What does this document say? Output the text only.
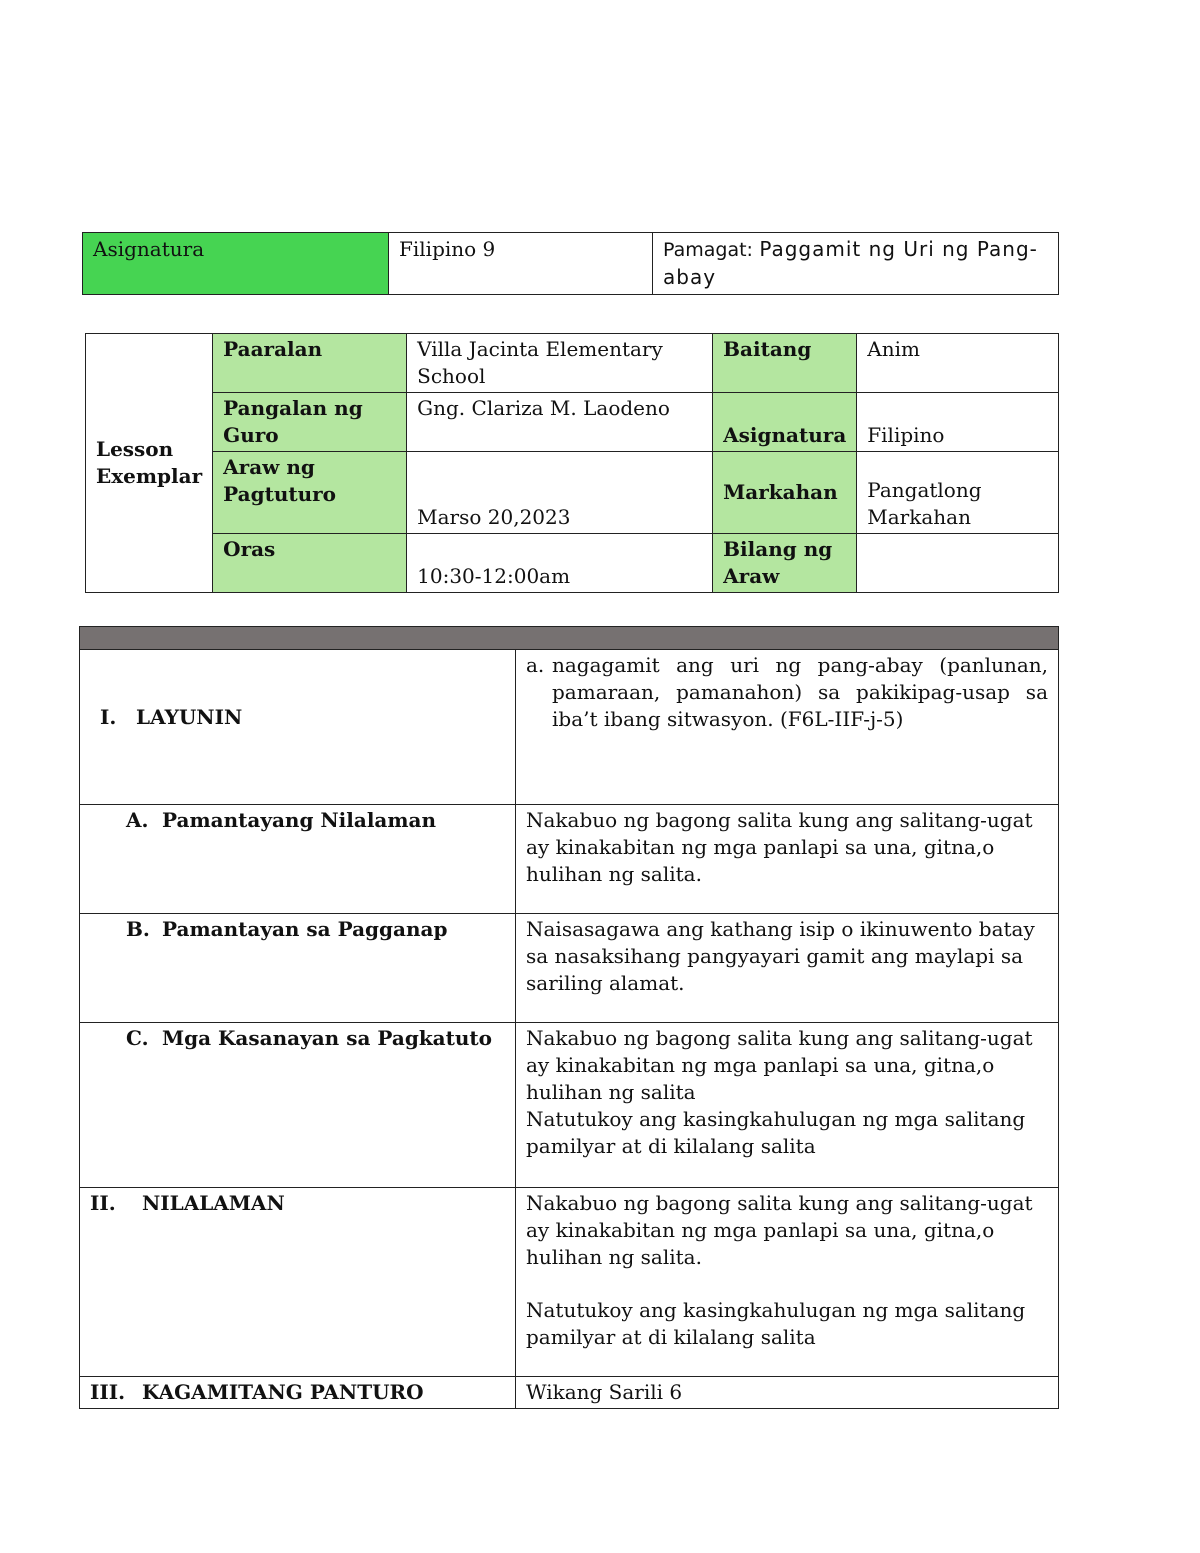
Asignatura	Filipino 9	Pamagat: Paggamit ng Uri ng Pang-abay
Lesson Exemplar	Paaralan	Villa Jacinta Elementary School	Baitang	Anim
	Pangalan ng Guro	Gng. Clariza M. Laodeno	Asignatura	Filipino
	Araw ng Pagtuturo	Marso 20,2023	Markahan	Pangatlong Markahan
	Oras	10:30-12:00am	Bilang ng Araw	

I. LAYUNIN	a. nagagamit ang uri ng pang-abay (panlunan, pamaraan, pamanahon) sa pakikipag-usap sa iba’t ibang sitwasyon. (F6L-IIF-j-5)

A. Pamantayang Nilalaman	Nakabuo ng bagong salita kung ang salitang-ugat ay kinakabitan ng mga panlapi sa una, gitna,o hulihan ng salita.
B. Pamantayan sa Pagganap	Naisasagawa ang kathang isip o ikinuwento batay sa nasaksihang pangyayari gamit ang maylapi sa sariling alamat.
C. Mga Kasanayan sa Pagkatuto	Nakabuo ng bagong salita kung ang salitang-ugat ay kinakabitan ng mga panlapi sa una, gitna,o hulihan ng salita
Natutukoy ang kasingkahulugan ng mga salitang pamilyar at di kilalang salita

II. NILALAMAN	Nakabuo ng bagong salita kung ang salitang-ugat ay kinakabitan ng mga panlapi sa una, gitna,o hulihan ng salita.
Natutukoy ang kasingkahulugan ng mga salitang pamilyar at di kilalang salita

III. KAGAMITANG PANTURO	Wikang Sarili 6
